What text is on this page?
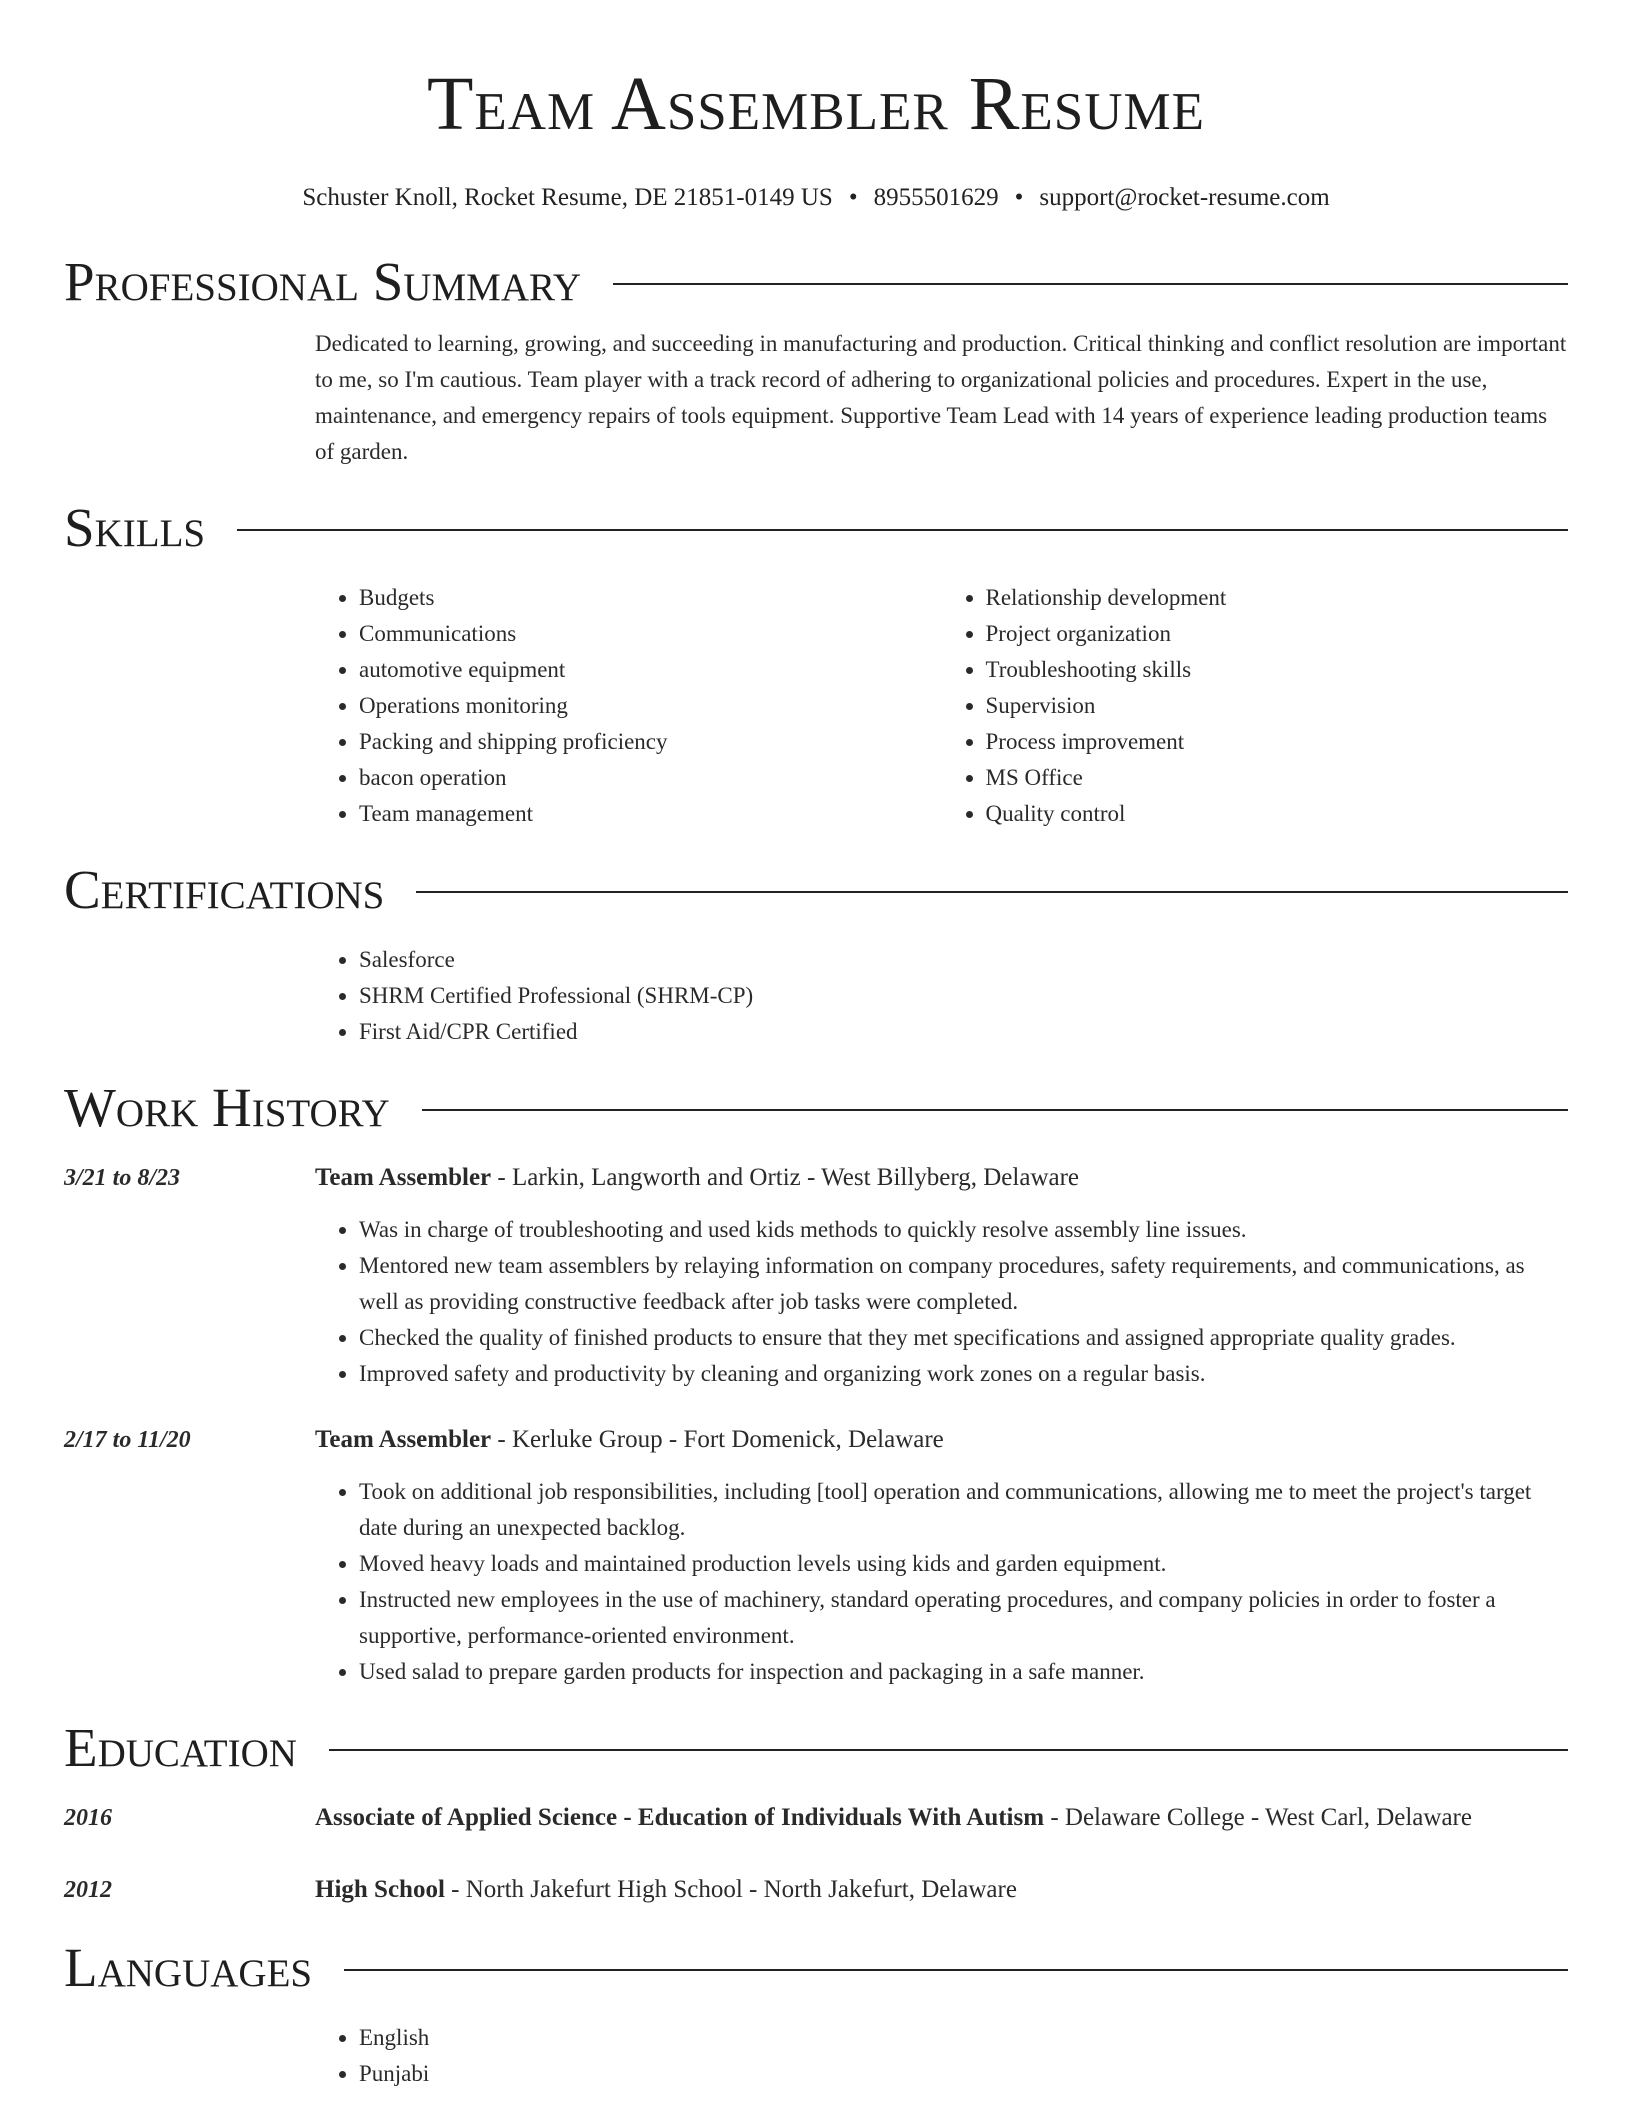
Team Assembler Resume
Schuster Knoll, Rocket Resume, DE 21851-0149 US • 8955501629 • support@rocket-resume.com
Professional Summary
Dedicated to learning, growing, and succeeding in manufacturing and production. Critical thinking and conflict resolution are important to me, so I'm cautious. Team player with a track record of adhering to organizational policies and procedures. Expert in the use, maintenance, and emergency repairs of tools equipment. Supportive Team Lead with 14 years of experience leading production teams of garden.
Skills
• Budgets
• Communications
• automotive equipment
• Operations monitoring
• Packing and shipping proficiency
• bacon operation
• Team management
• Relationship development
• Project organization
• Troubleshooting skills
• Supervision
• Process improvement
• MS Office
• Quality control
Certifications
• Salesforce
• SHRM Certified Professional (SHRM-CP)
• First Aid/CPR Certified
Work History
3/21 to 8/23	Team Assembler - Larkin, Langworth and Ortiz - West Billyberg, Delaware
• Was in charge of troubleshooting and used kids methods to quickly resolve assembly line issues.
• Mentored new team assemblers by relaying information on company procedures, safety requirements, and communications, as well as providing constructive feedback after job tasks were completed.
• Checked the quality of finished products to ensure that they met specifications and assigned appropriate quality grades.
• Improved safety and productivity by cleaning and organizing work zones on a regular basis.
2/17 to 11/20	Team Assembler - Kerluke Group - Fort Domenick, Delaware
• Took on additional job responsibilities, including [tool] operation and communications, allowing me to meet the project's target date during an unexpected backlog.
• Moved heavy loads and maintained production levels using kids and garden equipment.
• Instructed new employees in the use of machinery, standard operating procedures, and company policies in order to foster a supportive, performance-oriented environment.
• Used salad to prepare garden products for inspection and packaging in a safe manner.
Education
2016	Associate of Applied Science - Education of Individuals With Autism - Delaware College - West Carl, Delaware
2012	High School - North Jakefurt High School - North Jakefurt, Delaware
Languages
• English
• Punjabi
